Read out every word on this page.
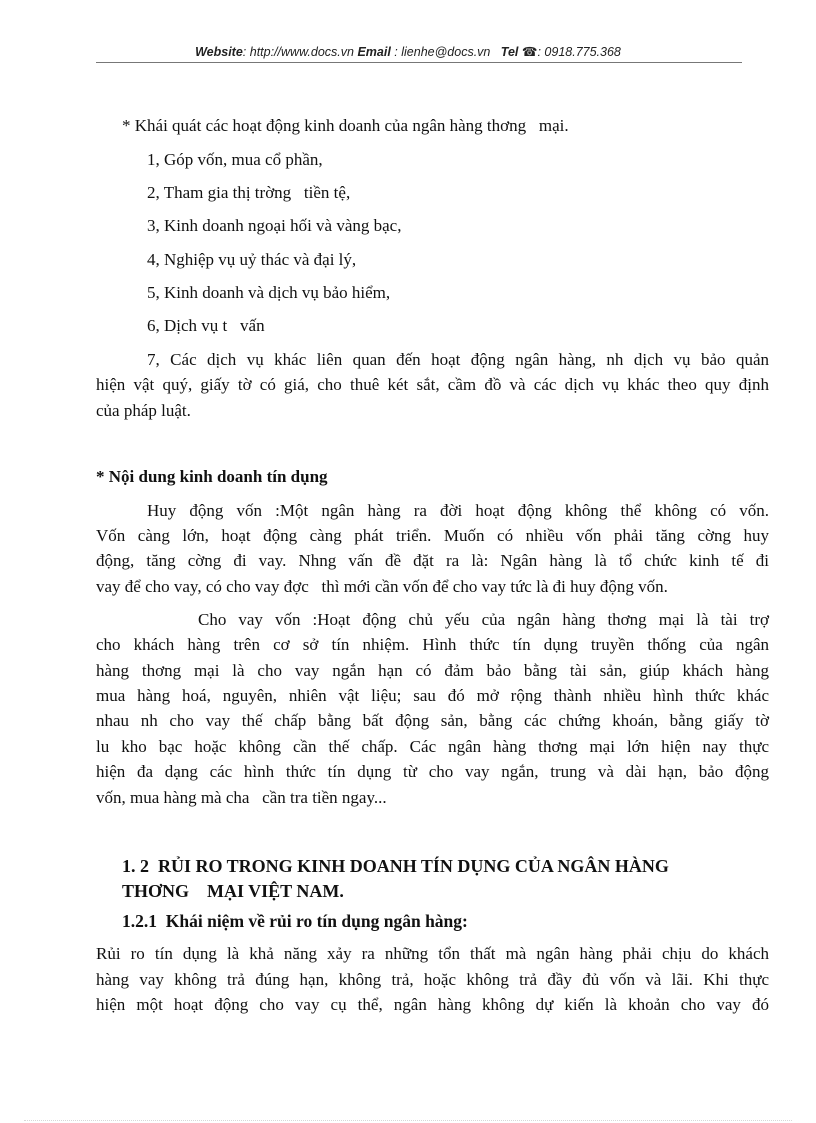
Website: http://www.docs.vn Email : lienhe@docs.vn Tel ☎: 0918.775.368
* Khái quát các hoạt động kinh doanh của ngân hàng thơng   mại.
1, Góp vốn, mua cổ phần,
2, Tham gia thị trờng   tiền tệ,
3, Kinh doanh ngoại hối và vàng bạc,
4, Nghiệp vụ uỷ thác và đại lý,
5, Kinh doanh và dịch vụ bảo hiểm,
6, Dịch vụ t   vấn
7, Các dịch vụ khác liên quan đến hoạt động ngân hàng, nh dịch vụ bảo quản
hiện vật quý, giấy tờ có giá, cho thuê két sắt, cầm đồ và các dịch vụ khác theo quy định
của pháp luật.
* Nội dung kinh doanh tín dụng
Huy động vốn :Một ngân hàng ra đời hoạt động không thể không có vốn.
Vốn càng lớn, hoạt động càng phát triển. Muốn có nhiều vốn phải tăng cờng huy
động, tăng cờng đi vay. Nhng vấn đề đặt ra là: Ngân hàng là tổ chức kinh tế đi
vay để cho vay, có cho vay đợc   thì mới cần vốn để cho vay tức là đi huy động vốn.
Cho vay vốn :Hoạt động chủ yếu của ngân hàng thơng mại là tài trợ
cho khách hàng trên cơ sở tín nhiệm. Hình thức tín dụng truyền thống của ngân
hàng thơng mại là cho vay ngắn hạn có đảm bảo bằng tài sản, giúp khách hàng
mua hàng hoá, nguyên, nhiên vật liệu; sau đó mở rộng thành nhiều hình thức khác
nhau nh cho vay thế chấp bằng bất động sản, bằng các chứng khoán, bằng giấy tờ
lu kho bạc hoặc không cần thế chấp. Các ngân hàng thơng mại lớn hiện nay thực
hiện đa dạng các hình thức tín dụng từ cho vay ngắn, trung và dài hạn, bảo động
vốn, mua hàng mà cha   cần tra tiền ngay...
1. 2  RỦI RO TRONG KINH DOANH TÍN DỤNG CỦA NGÂN HÀNG
THƠNG    MẠI VIỆT NAM.
1.2.1  Khái niệm về rủi ro tín dụng ngân hàng:
Rủi ro tín dụng là khả năng xảy ra những tổn thất mà ngân hàng phải chịu do khách
hàng vay không trả đúng hạn, không trả, hoặc không trả đầy đủ vốn và lãi. Khi thực
hiện một hoạt động cho vay cụ thể, ngân hàng không dự kiến là khoản cho vay đó
